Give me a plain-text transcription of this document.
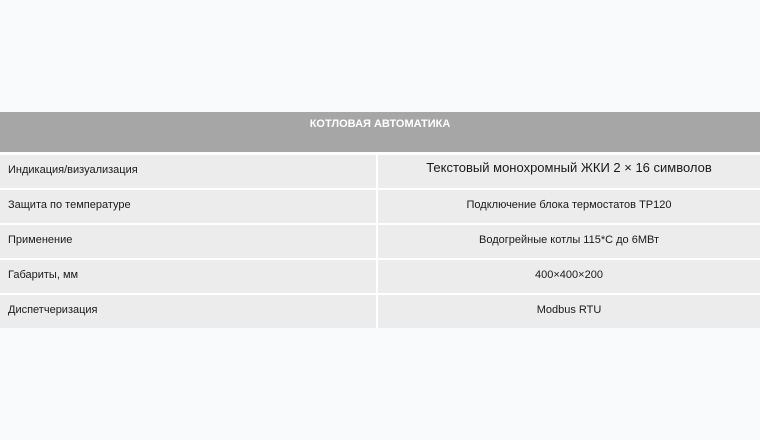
КОТЛОВАЯ АВТОМАТИКА
Индикация/визуализация	Текстовый монохромный ЖКИ 2 × 16 символов
Защита по температуре	Подключение блока термостатов ТР120
Применение	Водогрейные котлы 115*С до 6МВт
Габариты, мм	400×400×200
Диспетчеризация	Modbus RTU
